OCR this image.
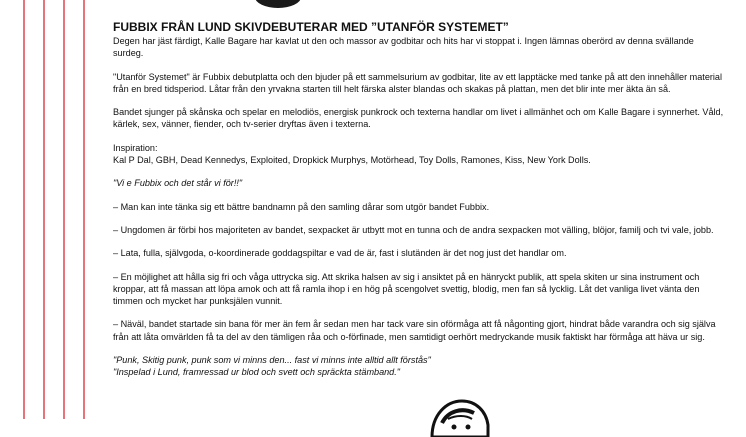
FUBBIX FRÅN LUND SKIVDEBUTERAR MED ”UTANFÖR SYSTEMET”

Degen har jäst färdigt, Kalle Bagare har kavlat ut den och massor av godbitar och hits har vi stoppat i. Ingen lämnas oberörd av denna svällande surdeg.

"Utanför Systemet" är Fubbix debutplatta och den bjuder på ett sammelsurium av godbitar, lite av ett lapptäcke med tanke på att den innehåller material från en bred tidsperiod. Låtar från den yrvakna starten till helt färska alster blandas och skakas på plattan, men det blir inte mer äkta än så.

Bandet sjunger på skånska och spelar en melodiös, energisk punkrock och texterna handlar om livet i allmänhet och om Kalle Bagare i synnerhet. Våld, kärlek, sex, vänner, fiender, och tv-serier dryftas även i texterna.

Inspiration:

Kal P Dal, GBH, Dead Kennedys, Exploited, Dropkick Murphys, Motörhead, Toy Dolls, Ramones, Kiss, New York Dolls.

"Vi e Fubbix och det står vi för!!"

– Man kan inte tänka sig ett bättre bandnamn på den samling dårar som utgör bandet Fubbix.

– Ungdomen är förbi hos majoriteten av bandet, sexpacket är utbytt mot en tunna och de andra sexpacken mot välling, blöjor, familj och tvi vale, jobb.

– Lata, fulla, självgoda, o-koordinerade goddagspiltar e vad de är, fast i slutänden är det nog just det handlar om.

– En möjlighet att hålla sig fri och våga uttrycka sig. Att skrika halsen av sig i ansiktet på en hänryckt publik, att spela skiten ur sina instrument och kroppar, att få massan att löpa amok och att få ramla ihop i en hög på scengolvet svettig, blodig, men fan så lycklig. Låt det vanliga livet vänta den timmen och mycket har punksjälen vunnit.

– Näväl, bandet startade sin bana för mer än fem år sedan men har tack vare sin oförmåga att få någonting gjort, hindrat både varandra och sig själva från att låta omvärlden få ta del av den tämligen råa och o-förfinade, men samtidigt oerhört medryckande musik faktiskt har förmåga att häva ur sig.

"Punk, Skitig punk, punk som vi minns den... fast vi minns inte alltid allt förstås"

"Inspelad i Lund, framressad ur blod och svett och spräckta stämband."
